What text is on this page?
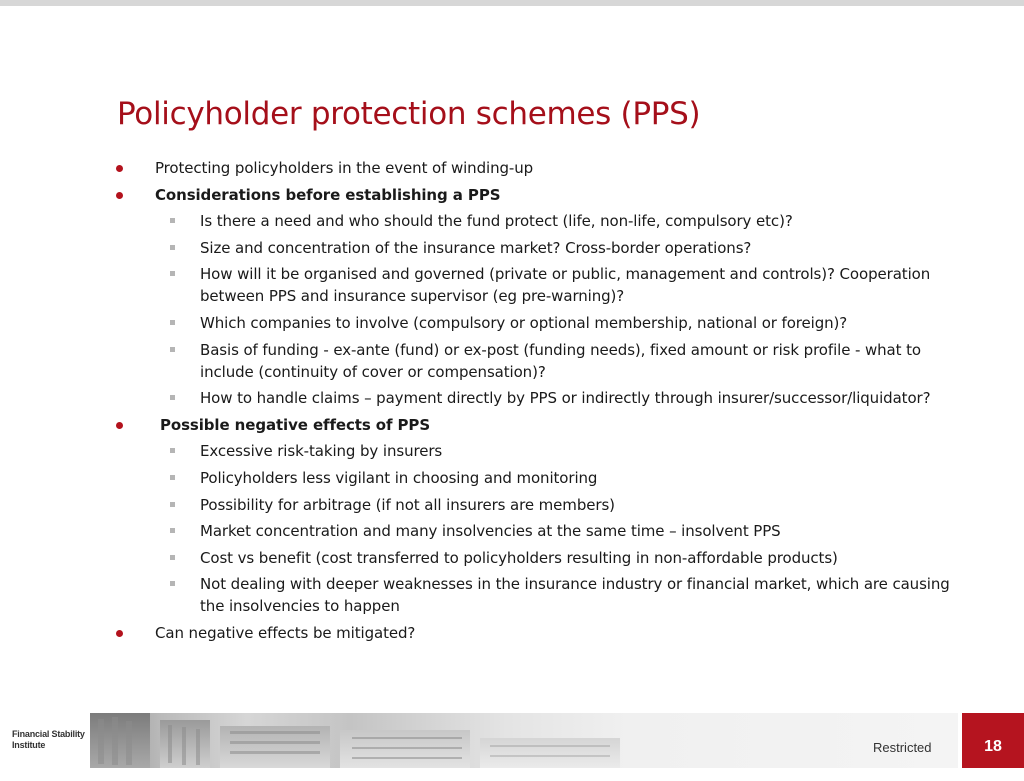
Policyholder protection schemes (PPS)
Protecting policyholders in the event of winding-up
Considerations before establishing a PPS
Is there a need and who should the fund protect (life, non-life, compulsory etc)?
Size and concentration of the insurance market? Cross-border operations?
How will it be organised and governed (private or public, management and controls)? Cooperation between PPS and insurance supervisor (eg pre-warning)?
Which companies to involve (compulsory or optional membership, national or foreign)?
Basis of funding - ex-ante (fund) or ex-post (funding needs), fixed amount or risk profile - what to include (continuity of cover or compensation)?
How to handle claims – payment directly by PPS or indirectly through insurer/successor/liquidator?
Possible negative effects of PPS
Excessive risk-taking by insurers
Policyholders less vigilant in choosing and monitoring
Possibility for arbitrage (if not all insurers are members)
Market concentration and many insolvencies at the same time – insolvent PPS
Cost vs benefit (cost transferred to policyholders resulting in non-affordable products)
Not dealing with deeper weaknesses in the insurance industry or financial market, which are causing the insolvencies to happen
Can negative effects be mitigated?
Financial Stability
Institute	Restricted	18
